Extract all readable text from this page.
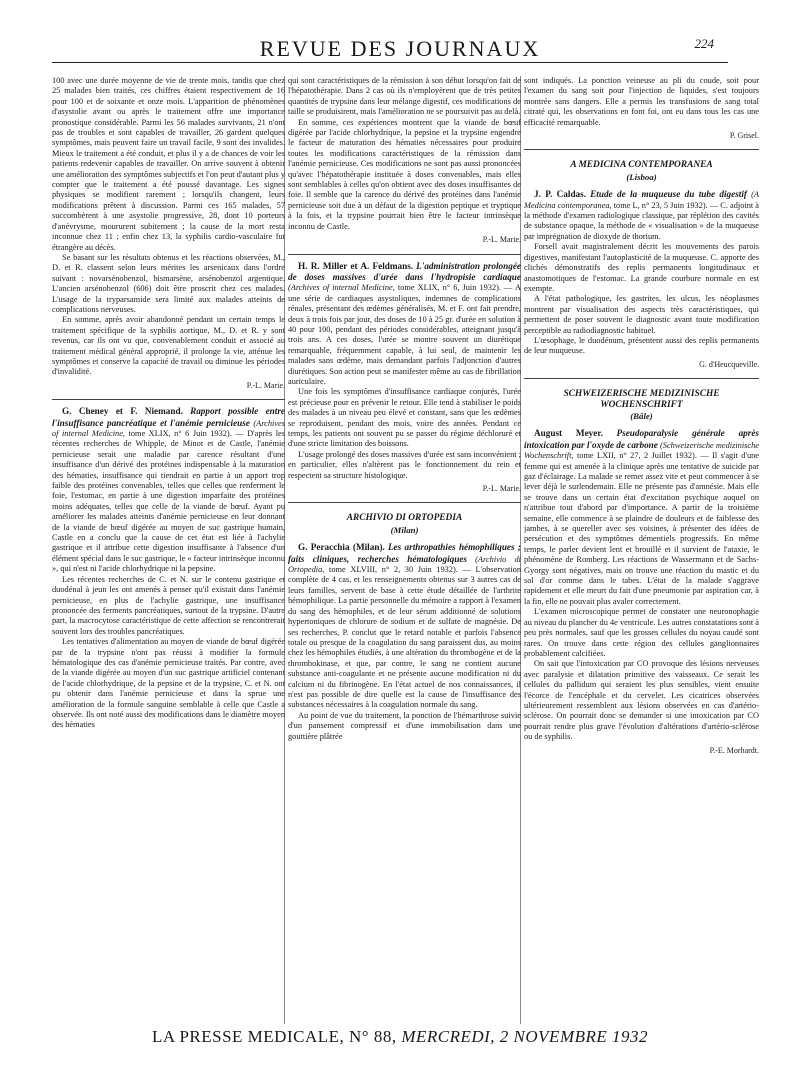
REVUE DES JOURNAUX	224

100 avec une durée moyenne de vie de trente mois, tandis que chez 25 malades bien traités, ces chiffres étaient respectivement de 16 pour 100 et de soixante et onze mois. L'apparition de phénomènes d'asystolie avant ou après le traitement offre une importance pronostique considérable. Parmi les 56 malades survivants, 21 n'ont pas de troubles et sont capables de travailler, 26 gardent quelques symptômes, mais peuvent faire un travail facile, 9 sont des invalides. Mieux le traitement a été conduit, et plus il y a de chances de voir les patients redevenir capables de travailler. On arrive souvent à obtenir une amélioration des symptômes subjectifs et l'on peut d'autant plus y compter que le traitement a été poussé davantage. Les signes physiques se modifient rarement ; lorsqu'ils changent, leurs modifications prêtent à discussion. Parmi ces 165 malades, 57 succombèrent à une asystolie progressive, 28, dont 10 porteurs d'anévrysme, moururent subitement ; la cause de la mort resta inconnue chez 11 ; enfin chez 13, la syphilis cardio-vasculaire fut étrangère au décès.

Se basant sur les résultats obtenus et les réactions observées, M., D. et R. classent selon leurs mérites les arsenicaux dans l'ordre suivant : novarsénobenzol, bismarsène, arsénobenzol argentique. L'ancien arsénobenzol (606) doit être proscrit chez ces malades. L'usage de la tryparsamide sera limité aux malades atteints de complications nerveuses.

En somme, après avoir abandonné pendant un certain temps le traitement spécifique de la syphilis aortique, M., D. et R. y sont revenus, car ils ont vu que, convenablement conduit et associé au traitement médical général approprié, il prolonge la vie, atténue les symptômes et conserve la capacité de travail ou diminue les périodes d'invalidité.

P.-L. Marie.

G. Cheney et F. Niemand. Rapport possible entre l'insuffisance pancréatique et l'anémie pernicieuse (Archives of internal Medicine, tome XLIX, n° 6 Juin 1932). — D'après les récentes recherches de Whipple, de Minot et de Castle, l'anémie pernicieuse serait une maladie par carence résultant d'une insuffisance d'un dérivé des protéines indispensable à la maturation des hématies, insuffisance qui tiendrait en partie à un apport trop faible des protéines convenables, telles que celles que renferment le foie, l'estomac, en partie à une digestion imparfaite des protéines moins adéquates, telles que celle de la viande de bœuf. Ayant pu améliorer les malades atteints d'anémie pernicieuse en leur donnant de la viande de bœuf digérée au moyen de suc gastrique humain, Castle en a conclu que la cause de cet état est liée à l'achylie gastrique et il attribue cette digestion insuffisante à l'absence d'un élément spécial dans le suc gastrique, le « facteur intrinsèque inconnu », qui n'est ni l'acide chlorhydrique ni la pepsine.

Les récentes recherches de C. et N. sur le contenu gastrique et duodénal à jeun les ont amenés à penser qu'il existait dans l'anémie pernicieuse, en plus de l'achylie gastrique, une insuffisance prononcée des ferments pancréatiques, surtout de la trypsine. D'autre part, la macrocytose caractéristique de cette affection se rencontrerait souvent lors des troubles pancréatiques.

Les tentatives d'alimentation au moyen de viande de bœuf digérée par de la trypsine n'ont pas réussi à modifier la formule hématologique des cas d'anémie pernicieuse traités. Par contre, avec de la viande digérée au moyen d'un suc gastrique artificiel contenant de l'acide chlorhydrique, de la pepsine et de la trypsine, C. et N. ont pu obtenir dans l'anémie pernicieuse et dans la sprue une amélioration de la formule sanguine semblable à celle que Castle a observée. Ils ont noté aussi des modifications dans le diamètre moyen des hématies

qui sont caractéristiques de la rémission à son début lorsqu'on fait de l'hépatothérapie. Dans 2 cas où ils n'employèrent que de très petites quantités de trypsine dans leur mélange digestif, ces modifications de taille se produisirent, mais l'amélioration ne se poursuivit pas au delà.

En somme, ces expériences montrent que la viande de bœuf digérée par l'acide chlorhydrique, la pepsine et la trypsine engendre le facteur de maturation des hématies nécessaires pour produire toutes les modifications caractéristiques de la rémission dans l'anémie pernicieuse. Ces modifications ne sont pas aussi prononcées qu'avec l'hépatothérapie instituée à doses convenables, mais elles sont semblables à celles qu'on obtient avec des doses insuffisantes de foie. Il semble que la carence du dérivé des protéines dans l'anémie pernicieuse soit due à un défaut de la digestion peptique et tryptique à la fois, et la trypsine pourrait bien être le facteur intrinsèque inconnu de Castle.

P.-L. Marie.

H. R. Miller et A. Feldmans. L'administration prolongée de doses massives d'urée dans l'hydropisie cardiaque (Archives of internal Medicine, tome XLIX, n° 6, Juin 1932). — A une série de cardiaques asystoliques, indemnes de complications rénales, présentant des œdèmes généralisés, M. et F. ont fait prendre, deux à trois fois par jour, des doses de 10 à 25 gr. d'urée en solution à 40 pour 100, pendant des périodes considérables, atteignant jusqu'à trois ans. A ces doses, l'urée se montre souvent un diurétique remarquable, fréquemment capable, à lui seul, de maintenir les malades sans œdème, mais demandant parfois l'adjonction d'autres diurétiques. Son action peut se manifester même au cas de fibrillation auriculaire.

Une fois les symptômes d'insuffisance cardiaque conjurés, l'urée est précieuse pour en prévenir le retour. Elle tend à stabiliser le poids des malades à un niveau peu élevé et constant, sans que les œdèmes se reproduisent, pendant des mois, voire des années. Pendant ce temps, les patients ont souvent pu se passer du régime déchloruré et d'une stricte limitation des boissons.

L'usage prolongé des doses massives d'urée est sans inconvénient ; en particulier, elles n'altèrent pas le fonctionnement du rein et respectent sa structure histologique.

P.-L. Marie.

ARCHIVIO DI ORTOPEDIA

(Milan)

G. Peracchia (Milan). Les arthropathies hémophiliques ; faits cliniques, recherches hématologiques (Archivio di Ortopedia, tome XLVIII, n° 2, 30 Juin 1932). — L'observation complète de 4 cas, et les renseignements obtenus sur 3 autres cas de leurs familles, servent de base à cette étude détaillée de l'arthrite hémophilique. La partie personnelle du mémoire a rapport à l'examen du sang des hémophiles, et de leur sérum additionné de solutions hypertoniques de chlorure de sodium et de sulfate de magnésie. De ses recherches, P. conclut que le retard notable et parfois l'absence totale ou presque de la coagulation du sang paraissent dus, au moins chez les hémophiles étudiés, à une altération du thrombogène et de la thrombokinase, et que, par contre, le sang ne contient aucune substance anti-coagulante et ne présente aucune modification ni du calcium ni du fibrinogène. En l'état actuel de nos connaissances, il n'est pas possible de dire quelle est la cause de l'insuffisance des substances nécessaires à la coagulation normale du sang.

Au point de vue du traitement, la ponction de l'hémarthrose suivie d'un pansement compressif et d'une immobilisation dans une gouttière plâtrée

sont indiqués. La ponction veineuse au pli du coude, soit pour l'examen du sang soit pour l'injection de liquides, s'est toujours montrée sans dangers. Elle a permis les transfusions de sang total citraté qui, les observations en font foi, ont eu dans tous les cas une efficacité remarquable.

P. Grisel.

A MEDICINA CONTEMPORANEA

(Lisboa)

J. P. Caldas. Etude de la muqueuse du tube digestif (A Medicina contemporanea, tome L, n° 23, 5 Juin 1932). — C. adjoint à la méthode d'examen radiologique classique, par réplétion des cavités de substance opaque, la méthode de « visualisation » de la muqueuse par imprégnation de dioxyde de thorium.

Forsell avait magistralement décrit les mouvements des parois digestives, manifestant l'autoplasticité de la muqueuse. C. apporte des clichés démonstratifs des replis permanents longitudinaux et anastomotiques de l'estomac. La grande courbure normale en est exempte.

A l'état pathologique, les gastrites, les ulcus, les néoplasmes montrent par visualisation des aspects très caractéristiques, qui permettent de poser souvent le diagnostic avant toute modification perceptible au radiodiagnostic habituel.

L'œsophage, le duodénum, présentent aussi des replis permanents de leur muqueuse.

G. d'Heucqueville.

SCHWEIZERISCHE MEDIZINISCHE WOCHENSCHRIFT

(Bâle)

August Meyer. Pseudoparalysie générale après intoxication par l'oxyde de carbone (Schweizerische medizinische Wochenschrift, tome LXII, n° 27, 2 Juillet 1932). — Il s'agit d'une femme qui est amenée à la clinique après une tentative de suicide par gaz d'éclairage. La malade se remet assez vite et peut commencer à se lever déjà le surlendemain. Elle ne présente pas d'amnésie. Mais elle se trouve dans un certain état d'excitation psychique auquel on n'attribue tout d'abord par d'importance. A partir de la troisième semaine, elle commence à se plaindre de douleurs et de faiblesse des jambes, à se quereller avec ses voisines, à présenter des idées de persécution et des symptômes démentiels progressifs. En même temps, le parler devient lent et brouillé et il survient de l'ataxie, le phénomène de Romberg. Les réactions de Wassermann et de Sachs-Gyorgy sont négatives, mais on trouve une réaction du mastic et du sol d'or comme dans le tabes. L'état de la malade s'aggrave rapidement et elle meurt du fait d'une pneumonie par aspiration car, à la fin, elle ne pouvait plus avaler correctement.

L'examen microscopique permet de constater une neuronophagie au niveau du plancher du 4e ventricule. Les autres constatations sont à peu près normales, sauf que les grosses cellules du noyau caudé sont rares. On trouve dans cette région des cellules ganglionnaires probablement calcifiées.

On sait que l'intoxication par CO provoque des lésions nerveuses avec paralysie et dilatation primitive des vaisseaux. Ce serait les cellules du pallidum qui seraient les plus sensibles, vient ensuite l'écorce de l'encéphale et du cervelet. Les cicatrices observées ultérieurement ressemblent aux lésions observées en cas d'artério-sclérose. On pourrait donc se demander si une intoxication par CO pourrait rendre plus grave l'évolution d'altérations d'artério-sclérose ou de syphilis.

P.-E. Morhardt.

LA PRESSE MEDICALE, N° 88, MERCREDI, 2 NOVEMBRE 1932
